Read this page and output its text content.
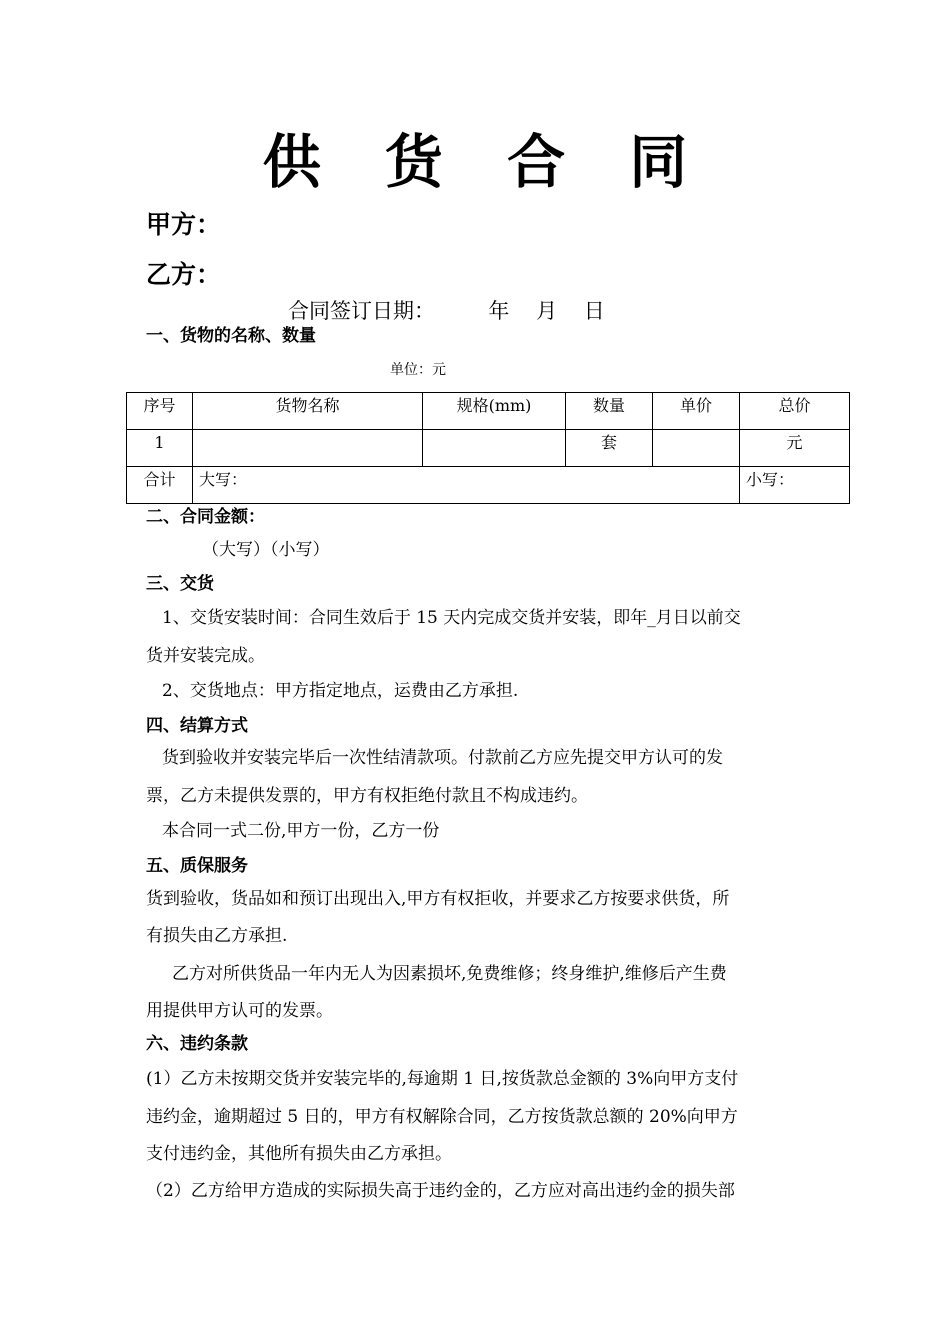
供 货 合 同
甲方：
乙方：
合同签订日期：        年    月    日
一、货物的名称、数量
单位：元
序号	货物名称	规格(mm)	数量	单价	总价
1			套		元
合计	大写：				小写：
二、合同金额：
（大写）（小写）
三、交货
1、交货安装时间：合同生效后于 15 天内完成交货并安装，即年_月日以前交
货并安装完成。
2、交货地点：甲方指定地点，运费由乙方承担.
四、结算方式
货到验收并安装完毕后一次性结清款项。付款前乙方应先提交甲方认可的发
票，乙方未提供发票的，甲方有权拒绝付款且不构成违约。
本合同一式二份,甲方一份，乙方一份
五、质保服务
货到验收，货品如和预订出现出入,甲方有权拒收，并要求乙方按要求供货，所
有损失由乙方承担.
乙方对所供货品一年内无人为因素损坏,免费维修；终身维护,维修后产生费
用提供甲方认可的发票。
六、违约条款
(1）乙方未按期交货并安装完毕的,每逾期 1 日,按货款总金额的 3%向甲方支付
违约金，逾期超过 5 日的，甲方有权解除合同，乙方按货款总额的 20%向甲方
支付违约金，其他所有损失由乙方承担。
（2）乙方给甲方造成的实际损失高于违约金的，乙方应对高出违约金的损失部
